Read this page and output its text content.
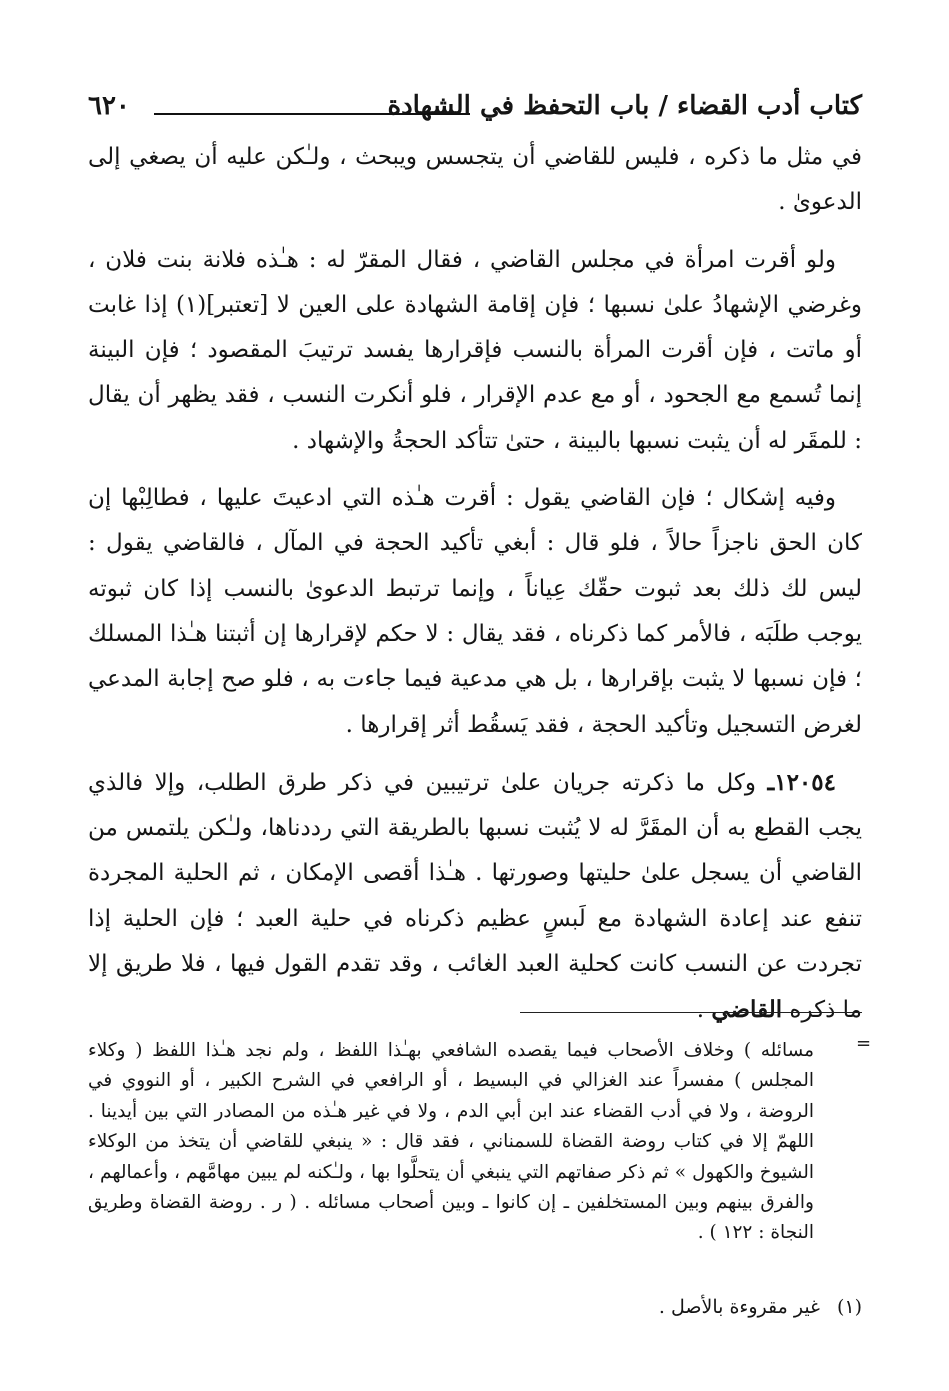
كتاب أدب القضاء / باب التحفظ في الشهادة
٦٢٠

في مثل ما ذكره ، فليس للقاضي أن يتجسس ويبحث ، ولـٰكن عليه أن يصغي إلى الدعوىٰ .

ولو أقرت امرأة في مجلس القاضي ، فقال المقرّ له : هـٰذه فلانة بنت فلان ، وغرضي الإشهادُ علىٰ نسبها ؛ فإن إقامة الشهادة على العين لا [تعتبر](١) إذا غابت أو ماتت ، فإن أقرت المرأة بالنسب فإقرارها يفسد ترتيبَ المقصود ؛ فإن البينة إنما تُسمع مع الجحود ، أو مع عدم الإقرار ، فلو أنكرت النسب ، فقد يظهر أن يقال : للمقَر له أن يثبت نسبها بالبينة ، حتىٰ تتأكد الحجةُ والإشهاد .

وفيه إشكال ؛ فإن القاضي يقول : أقرت هـٰذه التي ادعيتَ عليها ، فطالِبْها إن كان الحق ناجزاً حالاً ، فلو قال : أبغي تأكيد الحجة في المآل ، فالقاضي يقول : ليس لك ذلك بعد ثبوت حقّك عِياناً ، وإنما ترتبط الدعوىٰ بالنسب إذا كان ثبوته يوجب طلَبَه ، فالأمر كما ذكرناه ، فقد يقال : لا حكم لإقرارها إن أثبتنا هـٰذا المسلك ؛ فإن نسبها لا يثبت بإقرارها ، بل هي مدعية فيما جاءت به ، فلو صح إجابة المدعي لغرض التسجيل وتأكيد الحجة ، فقد يَسقُط أثر إقرارها .

١٢٠٥٤ـ وكل ما ذكرته جريان علىٰ ترتيبين في ذكر طرق الطلب، وإلا فالذي يجب القطع به أن المقَرَّ له لا يُثبت نسبها بالطريقة التي رددناها، ولـٰكن يلتمس من القاضي أن يسجل علىٰ حليتها وصورتها . هـٰذا أقصى الإمكان ، ثم الحلية المجردة تنفع عند إعادة الشهادة مع لَبسٍ عظيم ذكرناه في حلية العبد ؛ فإن الحلية إذا تجردت عن النسب كانت كحلية العبد الغائب ، وقد تقدم القول فيها ، فلا طريق إلا ما ذكره القاضي .

=

مسائله ) وخلاف الأصحاب فيما يقصده الشافعي بهـٰذا اللفظ ، ولم نجد هـٰذا اللفظ ( وكلاء المجلس ) مفسراً عند الغزالي في البسيط ، أو الرافعي في الشرح الكبير ، أو النووي في الروضة ، ولا في أدب القضاء عند ابن أبي الدم ، ولا في غير هـٰذه من المصادر التي بين أيدينا . اللهمّ إلا في كتاب روضة القضاة للسمناني ، فقد قال : « ينبغي للقاضي أن يتخذ من الوكلاء الشيوخ والكهول » ثم ذكر صفاتهم التي ينبغي أن يتحلَّوا بها ، ولـٰكنه لم يبين مهامَّهم ، وأعمالهم ، والفرق بينهم وبين المستخلفين ـ إن كانوا ـ وبين أصحاب مسائله . ( ر . روضة القضاة وطريق النجاة : ١٢٢ ) .

(١)غير مقروءة بالأصل .
